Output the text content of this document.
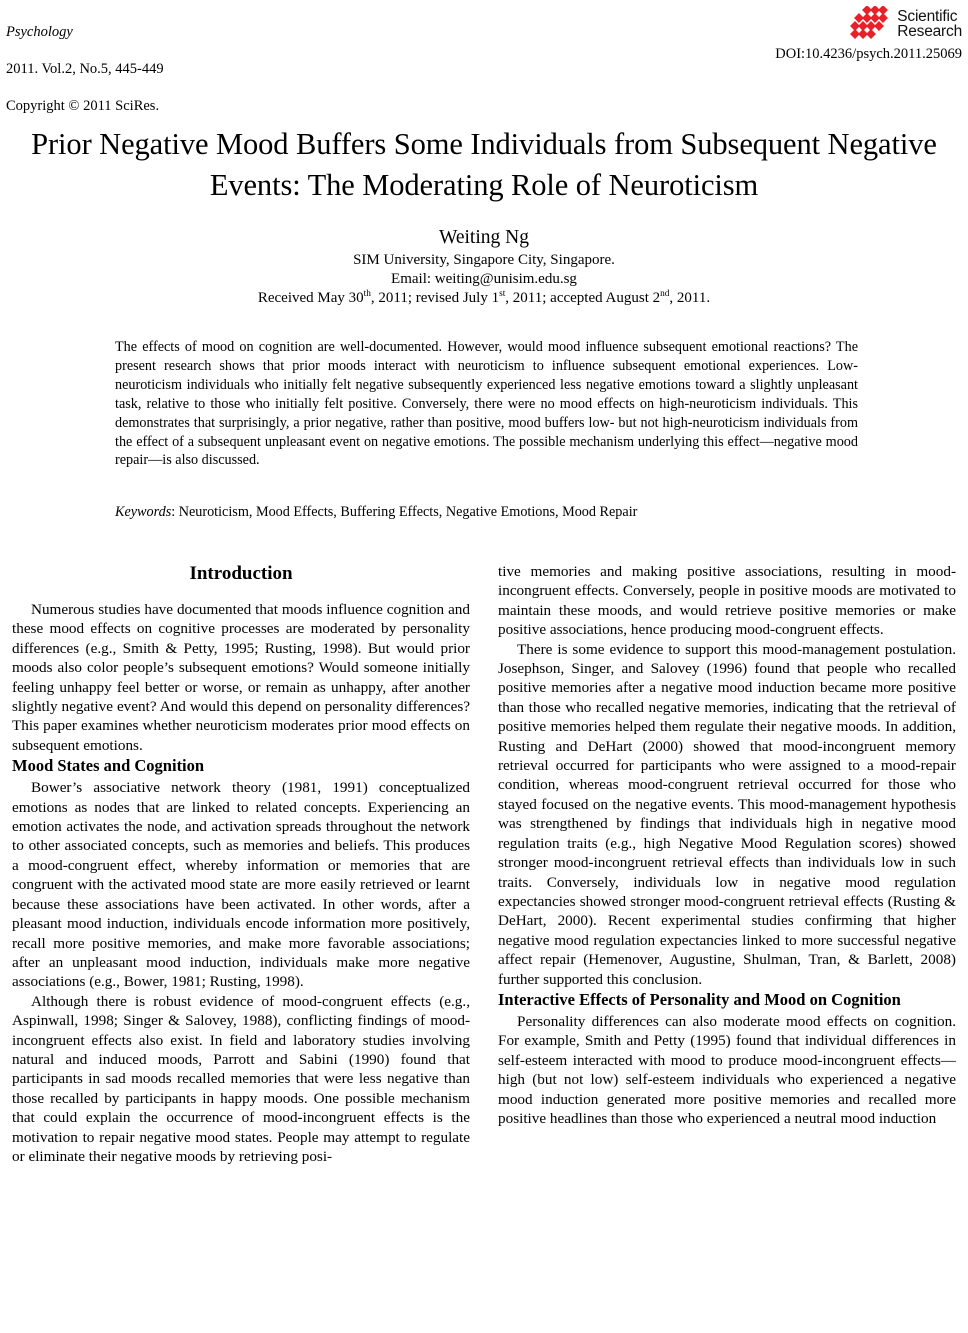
Psychology

2011. Vol.2, No.5, 445-449

Copyright © 2011 SciRes.

Scientific
Research
DOI:10.4236/psych.2011.25069
Prior Negative Mood Buffers Some Individuals from Subsequent Negative Events: The Moderating Role of Neuroticism
Weiting Ng
SIM University, Singapore City, Singapore.
Email: weiting@unisim.edu.sg
Received May 30th, 2011; revised July 1st, 2011; accepted August 2nd, 2011.
The effects of mood on cognition are well-documented. However, would mood influence subsequent emotional reactions? The present research shows that prior moods interact with neuroticism to influence subsequent emotional experiences. Low-neuroticism individuals who initially felt negative subsequently experienced less negative emotions toward a slightly unpleasant task, relative to those who initially felt positive. Conversely, there were no mood effects on high-neuroticism individuals. This demonstrates that surprisingly, a prior negative, rather than positive, mood buffers low- but not high-neuroticism individuals from the effect of a subsequent unpleasant event on negative emotions. The possible mechanism underlying this effect—negative mood repair—is also discussed.
Keywords: Neuroticism, Mood Effects, Buffering Effects, Negative Emotions, Mood Repair
Introduction

Numerous studies have documented that moods influence cognition and these mood effects on cognitive processes are moderated by personality differences (e.g., Smith & Petty, 1995; Rusting, 1998). But would prior moods also color people’s subsequent emotions? Would someone initially feeling unhappy feel better or worse, or remain as unhappy, after another slightly negative event? And would this depend on personality differences? This paper examines whether neuroticism moderates prior mood effects on subsequent emotions.

Mood States and Cognition

Bower’s associative network theory (1981, 1991) conceptualized emotions as nodes that are linked to related concepts. Experiencing an emotion activates the node, and activation spreads throughout the network to other associated concepts, such as memories and beliefs. This produces a mood-congruent effect, whereby information or memories that are congruent with the activated mood state are more easily retrieved or learnt because these associations have been activated. In other words, after a pleasant mood induction, individuals encode information more positively, recall more positive memories, and make more favorable associations; after an unpleasant mood induction, individuals make more negative associations (e.g., Bower, 1981; Rusting, 1998).

Although there is robust evidence of mood-congruent effects (e.g., Aspinwall, 1998; Singer & Salovey, 1988), conflicting findings of mood-incongruent effects also exist. In field and laboratory studies involving natural and induced moods, Parrott and Sabini (1990) found that participants in sad moods recalled memories that were less negative than those recalled by participants in happy moods. One possible mechanism that could explain the occurrence of mood-incongruent effects is the motivation to repair negative mood states. People may attempt to regulate or eliminate their negative moods by retrieving posi-

tive memories and making positive associations, resulting in mood-incongruent effects. Conversely, people in positive moods are motivated to maintain these moods, and would retrieve positive memories or make positive associations, hence producing mood-congruent effects.

There is some evidence to support this mood-management postulation. Josephson, Singer, and Salovey (1996) found that people who recalled positive memories after a negative mood induction became more positive than those who recalled negative memories, indicating that the retrieval of positive memories helped them regulate their negative moods. In addition, Rusting and DeHart (2000) showed that mood-incongruent memory retrieval occurred for participants who were assigned to a mood-repair condition, whereas mood-congruent retrieval occurred for those who stayed focused on the negative events. This mood-management hypothesis was strengthened by findings that individuals high in negative mood regulation traits (e.g., high Negative Mood Regulation scores) showed stronger mood-incongruent retrieval effects than individuals low in such traits. Conversely, individuals low in negative mood regulation expectancies showed stronger mood-congruent retrieval effects (Rusting & DeHart, 2000). Recent experimental studies confirming that higher negative mood regulation expectancies linked to more successful negative affect repair (Hemenover, Augustine, Shulman, Tran, & Barlett, 2008) further supported this conclusion.

Interactive Effects of Personality and Mood on Cognition

Personality differences can also moderate mood effects on cognition. For example, Smith and Petty (1995) found that individual differences in self-esteem interacted with mood to produce mood-incongruent effects—high (but not low) self-esteem individuals who experienced a negative mood induction generated more positive memories and recalled more positive headlines than those who experienced a neutral mood induction
